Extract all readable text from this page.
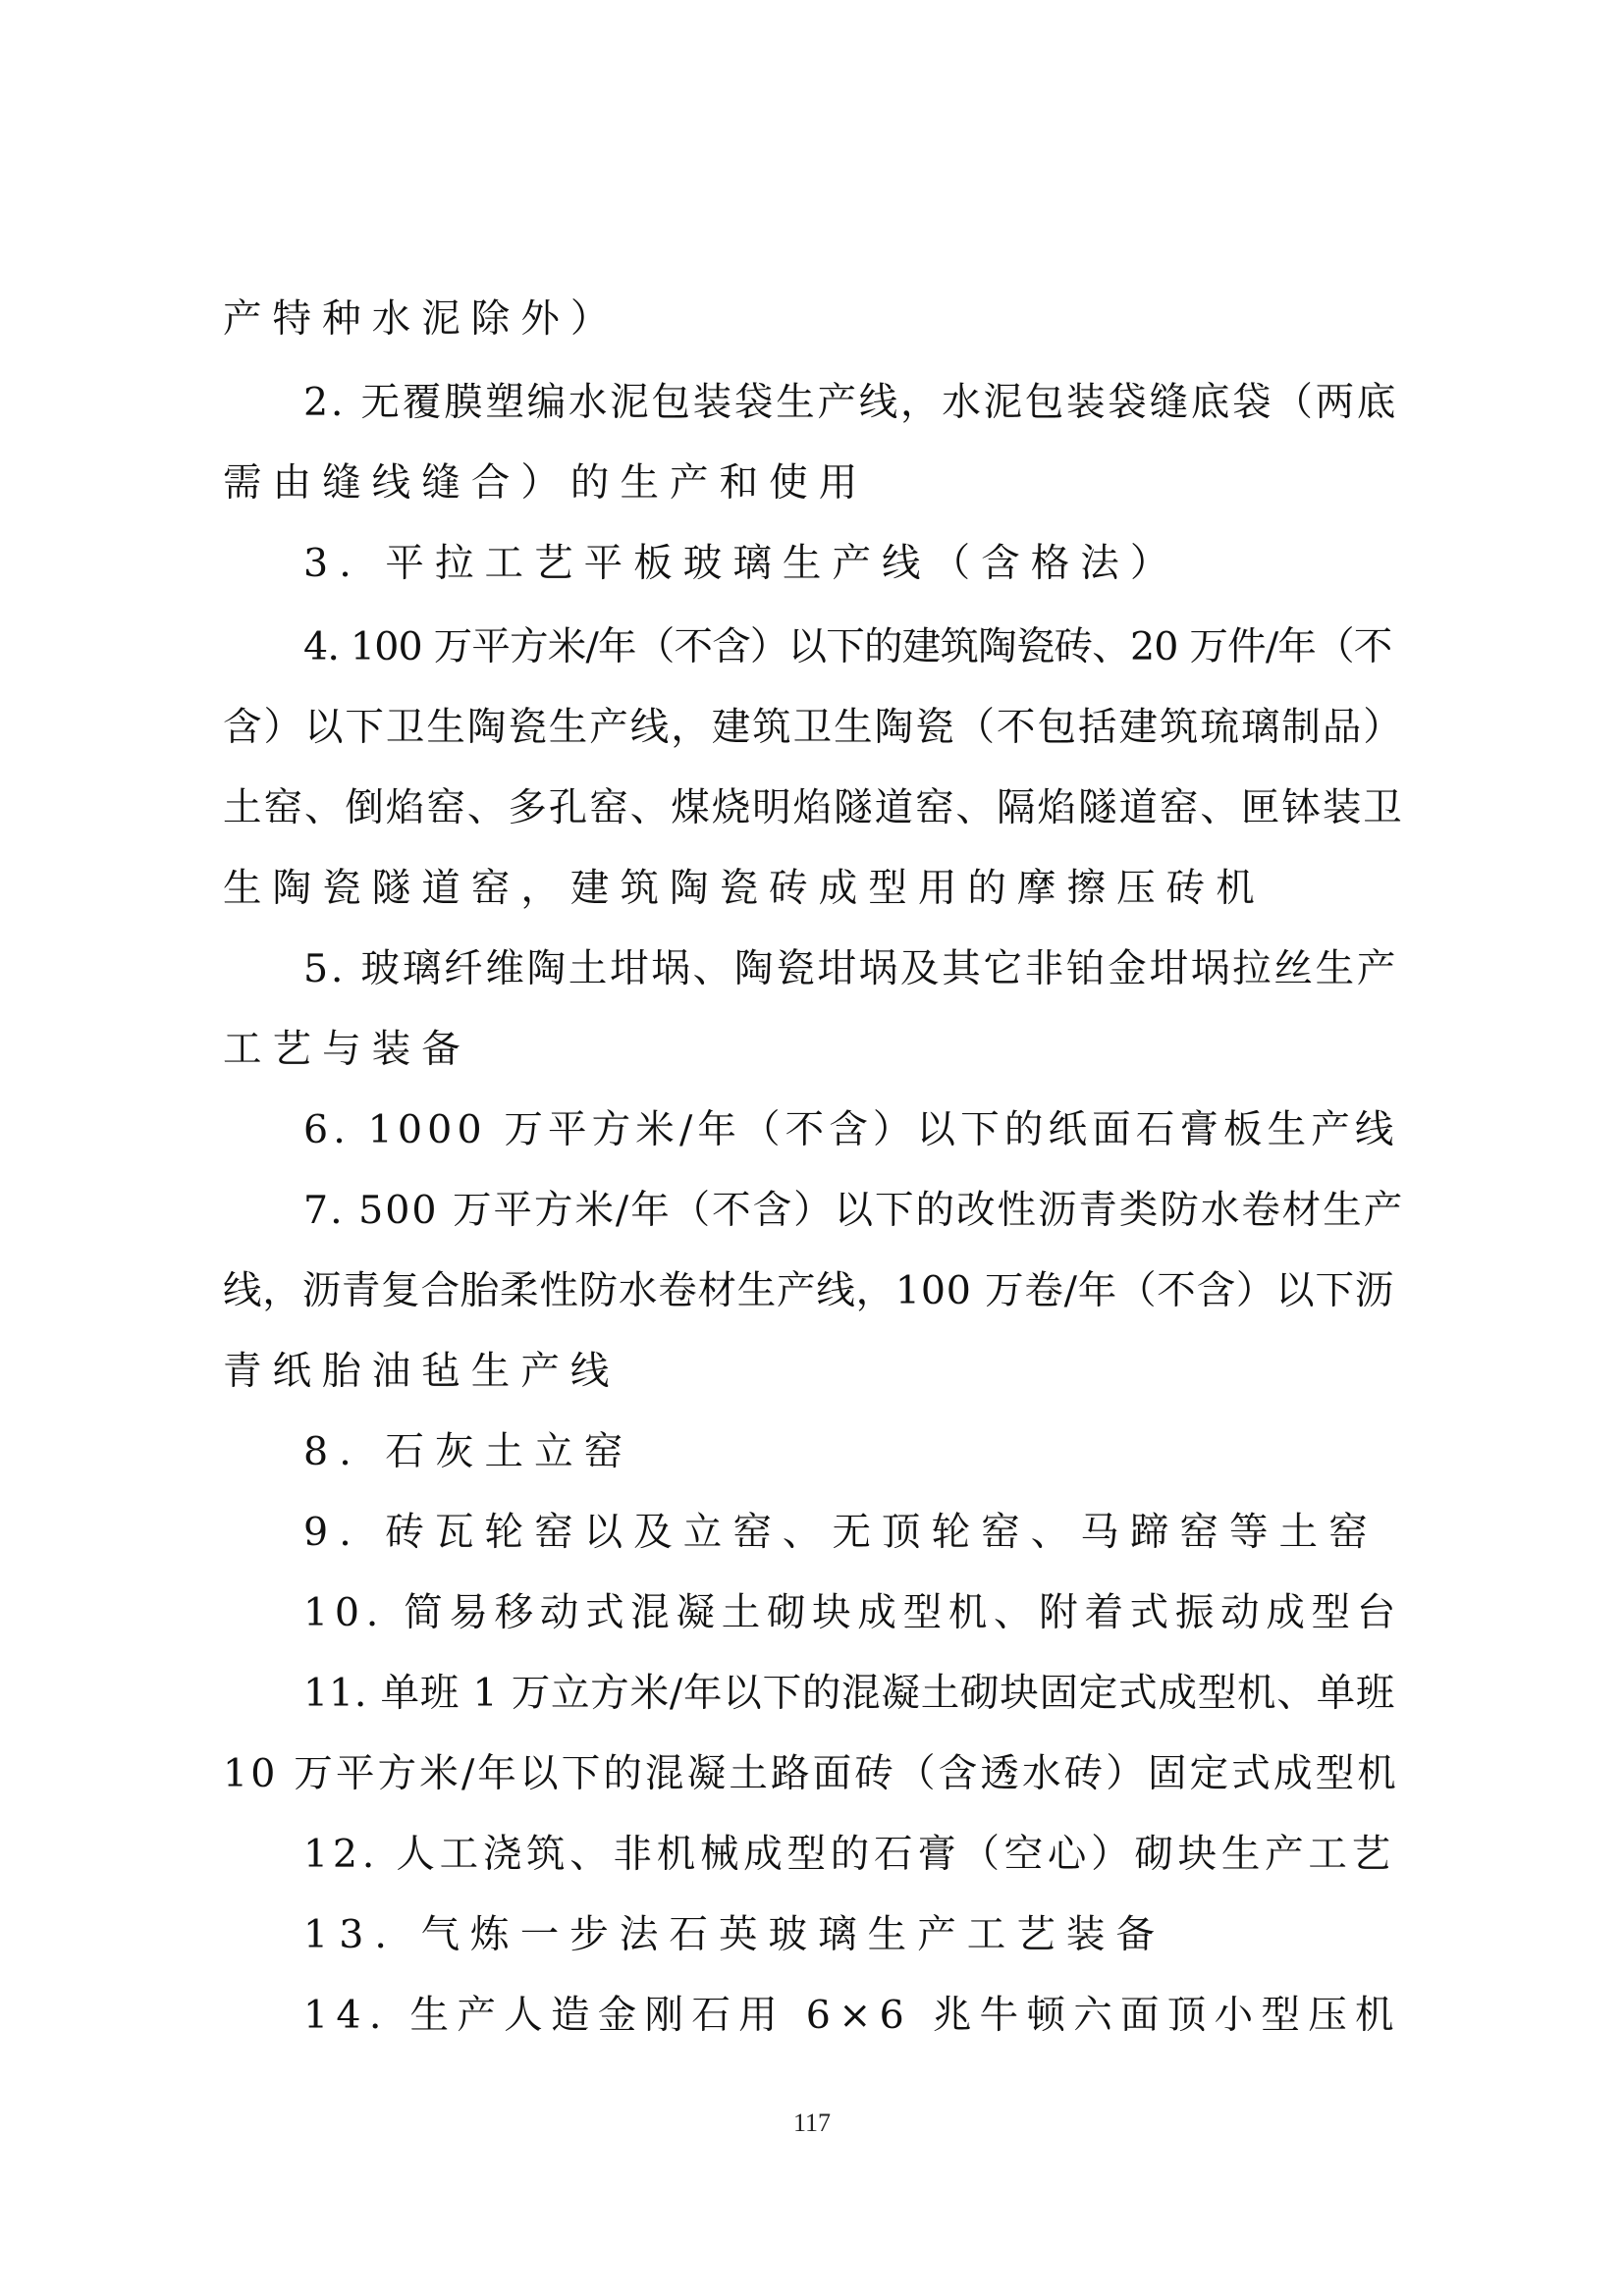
产特种水泥除外）

2. 无覆膜塑编水泥包装袋生产线，水泥包装袋缝底袋（两底

需由缝线缝合）的生产和使用

3. 平拉工艺平板玻璃生产线（含格法）

4. 100 万平方米/年（不含）以下的建筑陶瓷砖、20 万件/年（不

含）以下卫生陶瓷生产线，建筑卫生陶瓷（不包括建筑琉璃制品）

土窑、倒焰窑、多孔窑、煤烧明焰隧道窑、隔焰隧道窑、匣钵装卫

生陶瓷隧道窑，建筑陶瓷砖成型用的摩擦压砖机

5. 玻璃纤维陶土坩埚、陶瓷坩埚及其它非铂金坩埚拉丝生产

工艺与装备

6. 1000 万平方米/年（不含）以下的纸面石膏板生产线

7. 500 万平方米/年（不含）以下的改性沥青类防水卷材生产

线，沥青复合胎柔性防水卷材生产线，100 万卷/年（不含）以下沥

青纸胎油毡生产线

8. 石灰土立窑

9. 砖瓦轮窑以及立窑、无顶轮窑、马蹄窑等土窑

10. 简易移动式混凝土砌块成型机、附着式振动成型台

11. 单班 1 万立方米/年以下的混凝土砌块固定式成型机、单班

10 万平方米/年以下的混凝土路面砖（含透水砖）固定式成型机

12. 人工浇筑、非机械成型的石膏（空心）砌块生产工艺

13. 气炼一步法石英玻璃生产工艺装备

14. 生产人造金刚石用 6×6 兆牛顿六面顶小型压机

117
